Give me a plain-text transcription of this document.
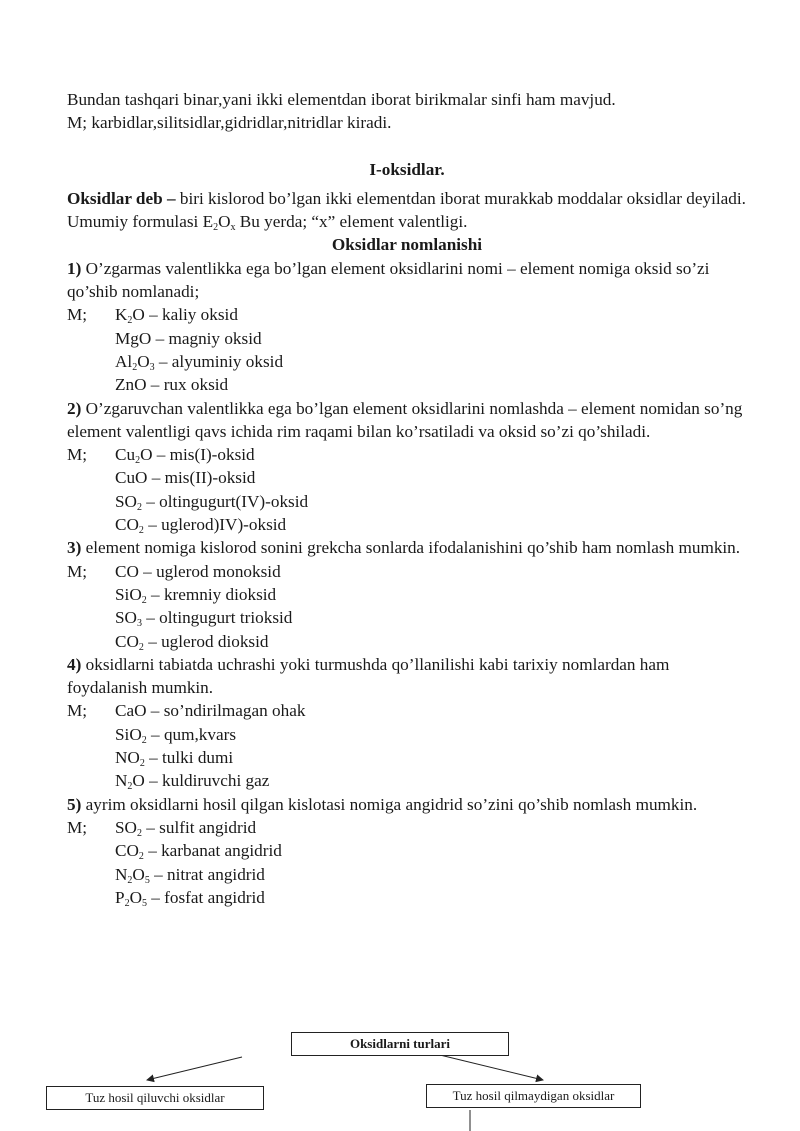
Bundan tashqari binar,yani ikki elementdan iborat birikmalar sinfi ham mavjud.

M; karbidlar,silitsidlar,gidridlar,nitridlar kiradi.

I-oksidlar.

Oksidlar deb – biri kislorod bo’lgan ikki elementdan iborat murakkab moddalar oksidlar deyiladi.

Umumiy formulasi $E_2O_x$ Bu yerda; “x” element valentligi.

Oksidlar nomlanishi

1) O’zgarmas valentlikka ega bo’lgan element oksidlarini nomi – element nomiga oksid so’zi qo’shib nomlanadi;

M; $K_2O$ – kaliy oksid
MgO – magniy oksid
$Al_2O_3$ – alyuminiy oksid
ZnO – rux oksid

2) O’zgaruvchan valentlikka ega bo’lgan element oksidlarini nomlashda – element nomidan so’ng element valentligi qavs ichida rim raqami bilan ko’rsatiladi va oksid so’zi qo’shiladi.

M; $Cu_2O$ – mis(I)-oksid
CuO – mis(II)-oksid
$SO_2$ – oltingugurt(IV)-oksid
$CO_2$ – uglerod)IV)-oksid

3) element nomiga kislorod sonini grekcha sonlarda ifodalanishini qo’shib ham nomlash mumkin.

M; CO – uglerod monoksid
SiO$_2$ – kremniy dioksid
$SO_3$ – oltingugurt trioksid
$CO_2$ – uglerod dioksid

4) oksidlarni tabiatda uchrashi yoki turmushda qo’llanilishi kabi tarixiy nomlardan ham foydalanish mumkin.

M; CaO – so’ndirilmagan ohak
SiO$_2$ – qum,kvars
$NO_2$ – tulki dumi
$N_2O$ – kuldiruvchi gaz

5) ayrim oksidlarni hosil qilgan kislotasi nomiga angidrid so’zini qo’shib nomlash mumkin.

M; $SO_2$ – sulfit angidrid
$CO_2$ – karbanat angidrid
$N_2O_5$ – nitrat angidrid
$P_2O_5$ – fosfat angidrid
Oksidlarni turlari
Tuz hosil qiluvchi oksidlar	Tuz hosil qilmaydigan oksidlar
